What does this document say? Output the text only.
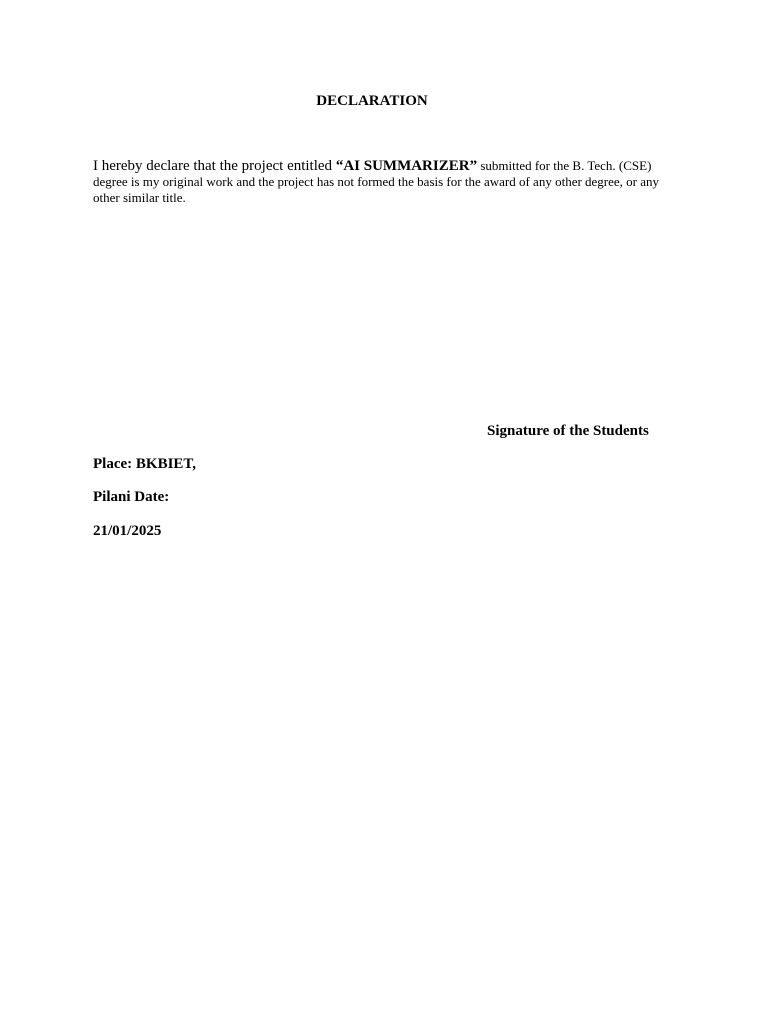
DECLARATION

I hereby declare that the project entitled “AI SUMMARIZER” submitted for the B. Tech. (CSE) degree is my original work and the project has not formed the basis for the award of any other degree, or any other similar title.

Signature of the Students
Place: BKBIET,
Pilani Date:
21/01/2025
